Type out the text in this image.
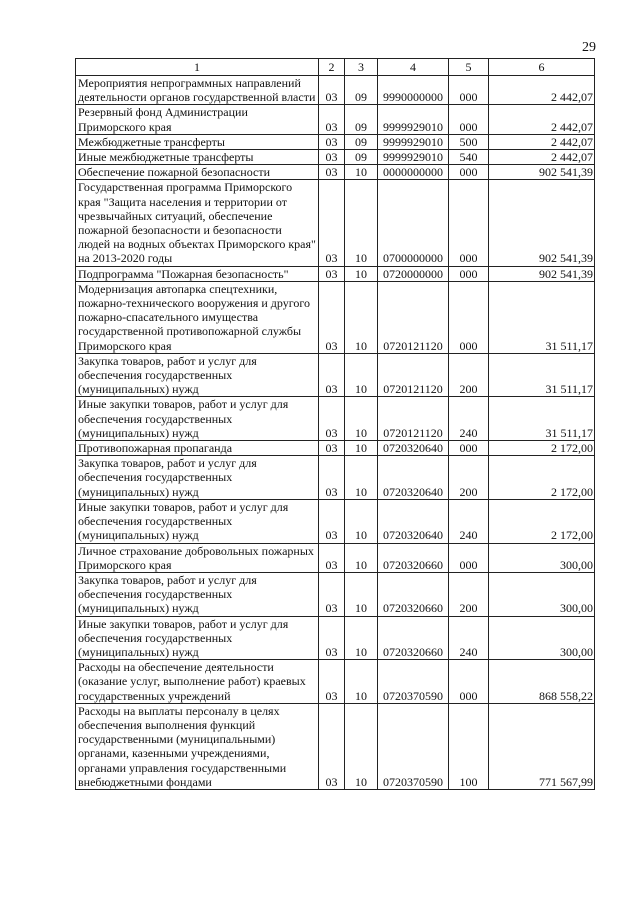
29
1	2	3	4	5	6
Мероприятия непрограммных направлений деятельности органов государственной власти	03	09	9990000000	000	2 442,07
Резервный фонд Администрации Приморского края	03	09	9999929010	000	2 442,07
Межбюджетные трансферты	03	09	9999929010	500	2 442,07
Иные межбюджетные трансферты	03	09	9999929010	540	2 442,07
Обеспечение пожарной безопасности	03	10	0000000000	000	902 541,39
Государственная программа Приморского края "Защита населения и территории от чрезвычайных ситуаций, обеспечение пожарной безопасности и безопасности людей на водных объектах Приморского края" на 2013-2020 годы	03	10	0700000000	000	902 541,39
Подпрограмма "Пожарная безопасность"	03	10	0720000000	000	902 541,39
Модернизация автопарка спецтехники, пожарно-технического вооружения и другого пожарно-спасательного имущества государственной противопожарной службы Приморского края	03	10	0720121120	000	31 511,17
Закупка товаров, работ и услуг для обеспечения государственных (муниципальных) нужд	03	10	0720121120	200	31 511,17
Иные закупки товаров, работ и услуг для обеспечения государственных (муниципальных) нужд	03	10	0720121120	240	31 511,17
Противопожарная пропаганда	03	10	0720320640	000	2 172,00
Закупка товаров, работ и услуг для обеспечения государственных (муниципальных) нужд	03	10	0720320640	200	2 172,00
Иные закупки товаров, работ и услуг для обеспечения государственных (муниципальных) нужд	03	10	0720320640	240	2 172,00
Личное страхование добровольных пожарных Приморского края	03	10	0720320660	000	300,00
Закупка товаров, работ и услуг для обеспечения государственных (муниципальных) нужд	03	10	0720320660	200	300,00
Иные закупки товаров, работ и услуг для обеспечения государственных (муниципальных) нужд	03	10	0720320660	240	300,00
Расходы на обеспечение деятельности (оказание услуг, выполнение работ) краевых государственных учреждений	03	10	0720370590	000	868 558,22
Расходы на выплаты персоналу в целях обеспечения выполнения функций государственными (муниципальными) органами, казенными учреждениями, органами управления государственными внебюджетными фондами	03	10	0720370590	100	771 567,99
